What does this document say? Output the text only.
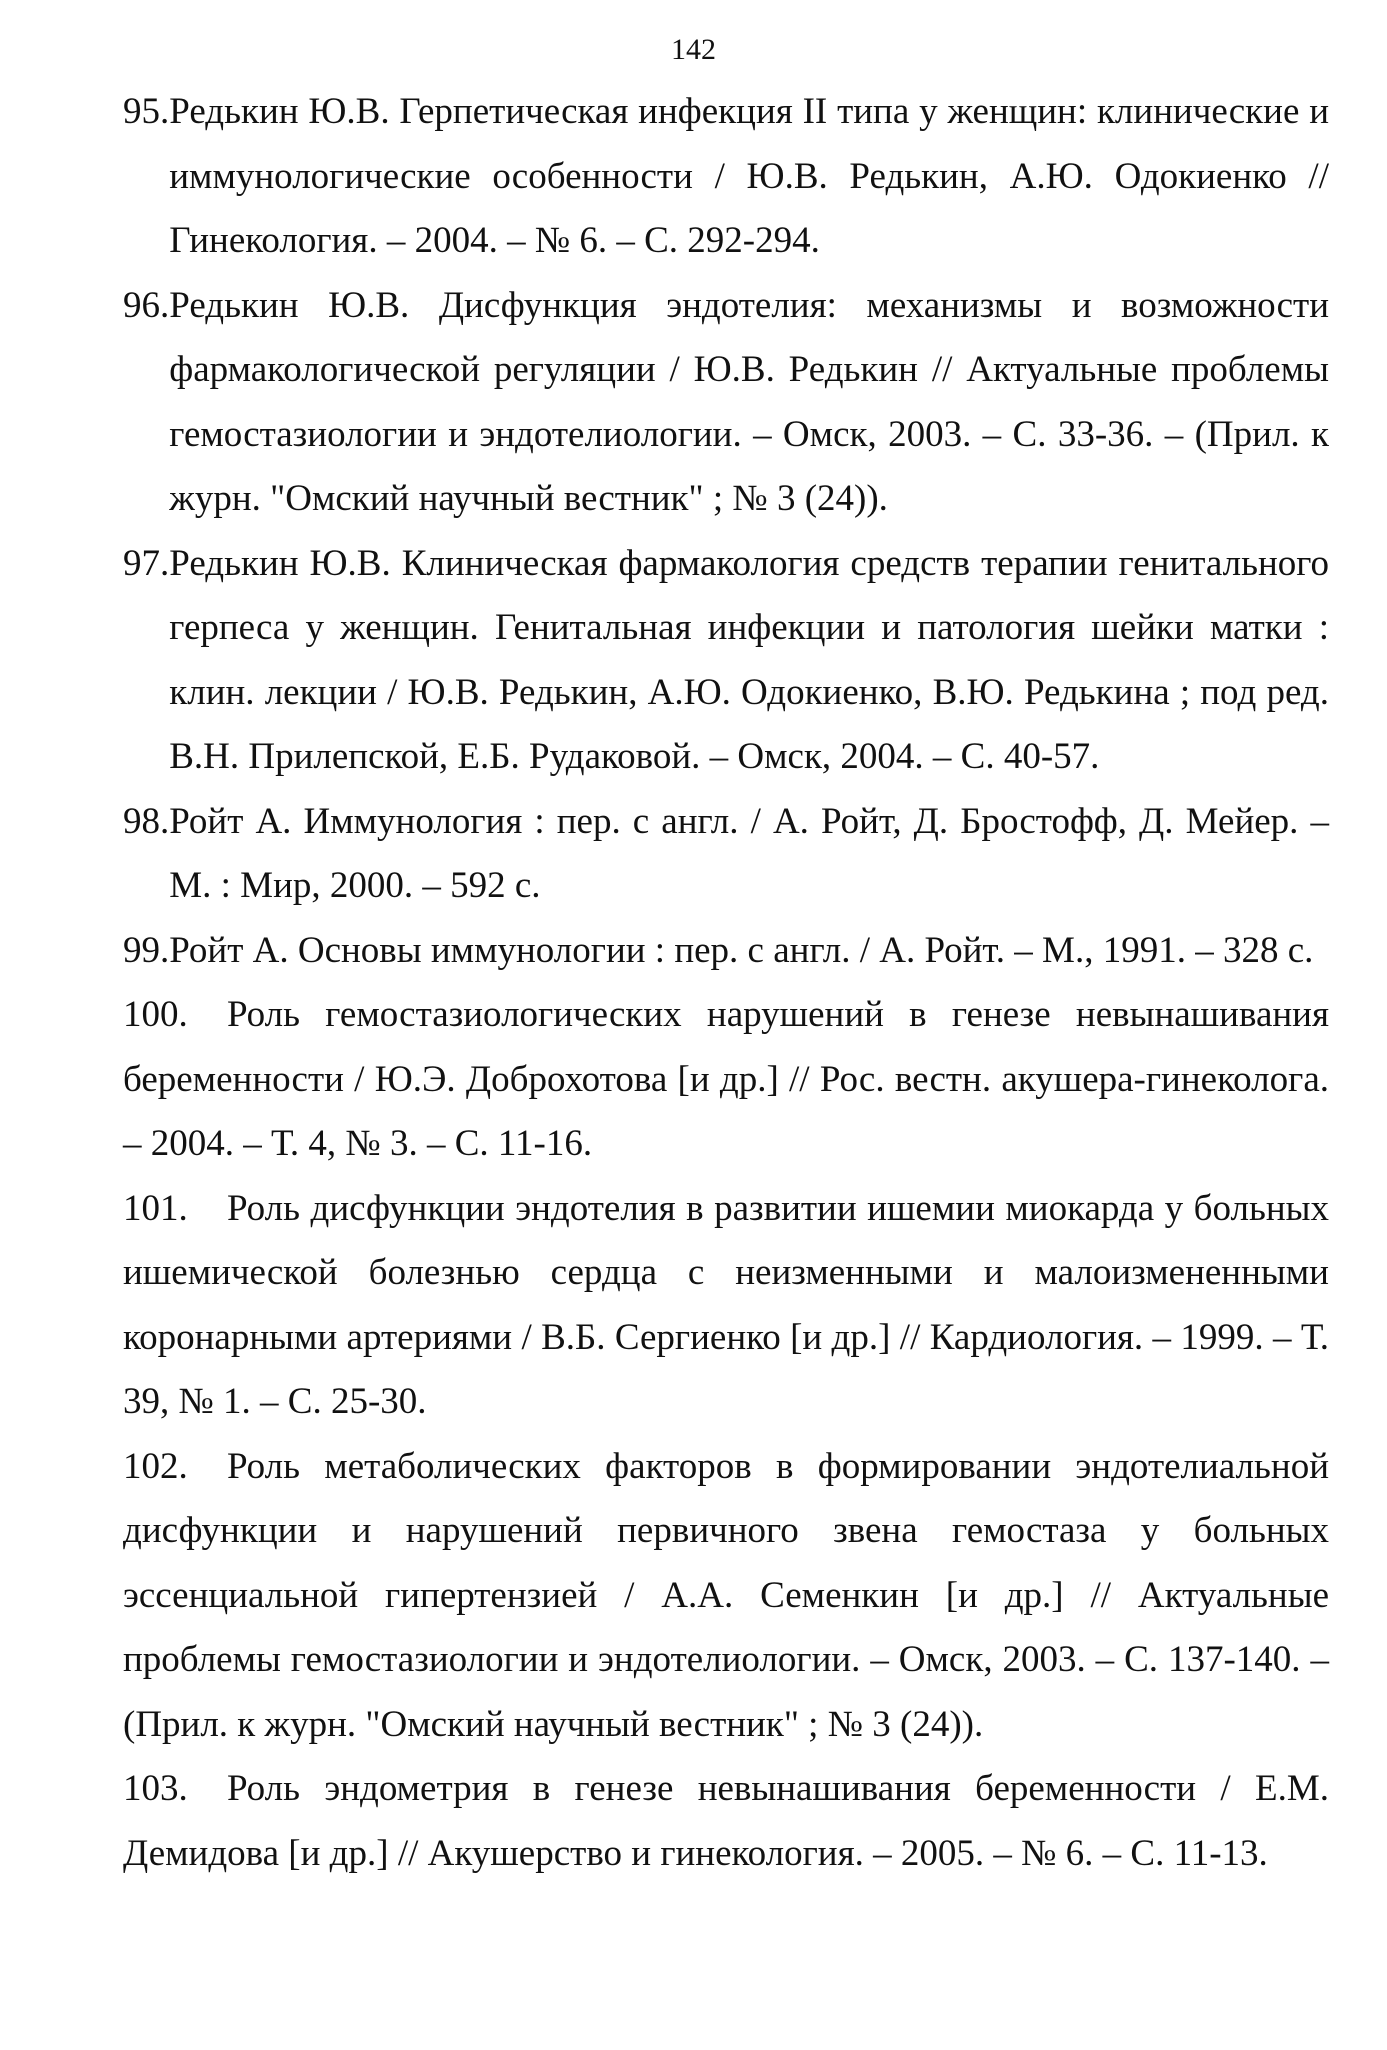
142
95.Редькин Ю.В. Герпетическая инфекция II типа у женщин: клинические и иммунологические особенности / Ю.В. Редькин, А.Ю. Одокиенко // Гинекология. – 2004. – № 6. – С. 292-294.
96.Редькин Ю.В. Дисфункция эндотелия: механизмы и возможности фармакологической регуляции / Ю.В. Редькин // Актуальные проблемы гемостазиологии и эндотелиологии. – Омск, 2003. – С. 33-36. – (Прил. к журн. "Омский научный вестник" ; № 3 (24)).
97.Редькин Ю.В. Клиническая фармакология средств терапии генитального герпеса у женщин. Генитальная инфекции и патология шейки матки : клин. лекции / Ю.В. Редькин, А.Ю. Одокиенко, В.Ю. Редькина ; под ред. В.Н. Прилепской, Е.Б. Рудаковой. – Омск, 2004. – С. 40-57.
98.Ройт А. Иммунология : пер. с англ. / А. Ройт, Д. Бростофф, Д. Мейер. – М. : Мир, 2000. – 592 с.
99.Ройт А. Основы иммунологии : пер. с англ. / А. Ройт. – М., 1991. – 328 с.
100. Роль гемостазиологических нарушений в генезе невынашивания беременности / Ю.Э. Доброхотова [и др.] // Рос. вестн. акушера-гинеколога. – 2004. – Т. 4, № 3. – С. 11-16.
101. Роль дисфункции эндотелия в развитии ишемии миокарда у больных ишемической болезнью сердца с неизменными и малоизмененными коронарными артериями / В.Б. Сергиенко [и др.] // Кардиология. – 1999. – Т. 39, № 1. – С. 25-30.
102. Роль метаболических факторов в формировании эндотелиальной дисфункции и нарушений первичного звена гемостаза у больных эссенциальной гипертензией / А.А. Семенкин [и др.] // Актуальные проблемы гемостазиологии и эндотелиологии. – Омск, 2003. – С. 137-140. – (Прил. к журн. "Омский научный вестник" ; № 3 (24)).
103. Роль эндометрия в генезе невынашивания беременности / Е.М. Демидова [и др.] // Акушерство и гинекология. – 2005. – № 6. – С. 11-13.
